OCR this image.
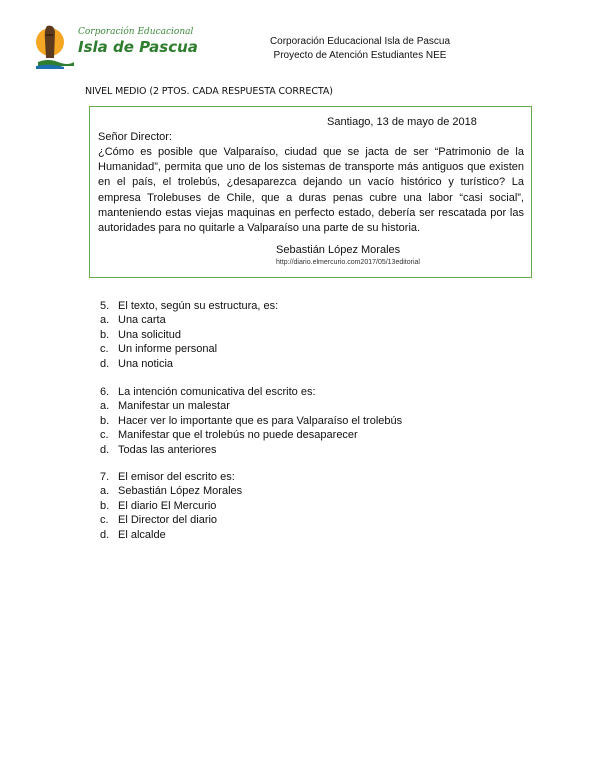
Corporación Educacional
Isla de Pascua	Corporación Educacional Isla de Pascua
Proyecto de Atención Estudiantes NEE
NIVEL MEDIO (2 PTOS. CADA RESPUESTA CORRECTA)
Santiago, 13 de mayo de 2018
Señor Director:
¿Cómo es posible que Valparaíso, ciudad que se jacta de ser “Patrimonio de la Humanidad”, permita que uno de los sistemas de transporte más antiguos que existen en el país, el trolebús, ¿desaparezca dejando un vacío histórico y turístico? La empresa Trolebuses de Chile, que a duras penas cubre una labor “casi social”, manteniendo estas viejas maquinas en perfecto estado, debería ser rescatada por las autoridades para no quitarle a Valparaíso una parte de su historia.
Sebastián López Morales
http://diario.elmercurio.com2017/05/13editorial
5. El texto, según su estructura, es:
a. Una carta
b. Una solicitud
c. Un informe personal
d. Una noticia
6. La intención comunicativa del escrito es:
a. Manifestar un malestar
b. Hacer ver lo importante que es para Valparaíso el trolebús
c. Manifestar que el trolebús no puede desaparecer
d. Todas las anteriores
7. El emisor del escrito es:
a. Sebastián López Morales
b. El diario El Mercurio
c. El Director del diario
d. El alcalde
